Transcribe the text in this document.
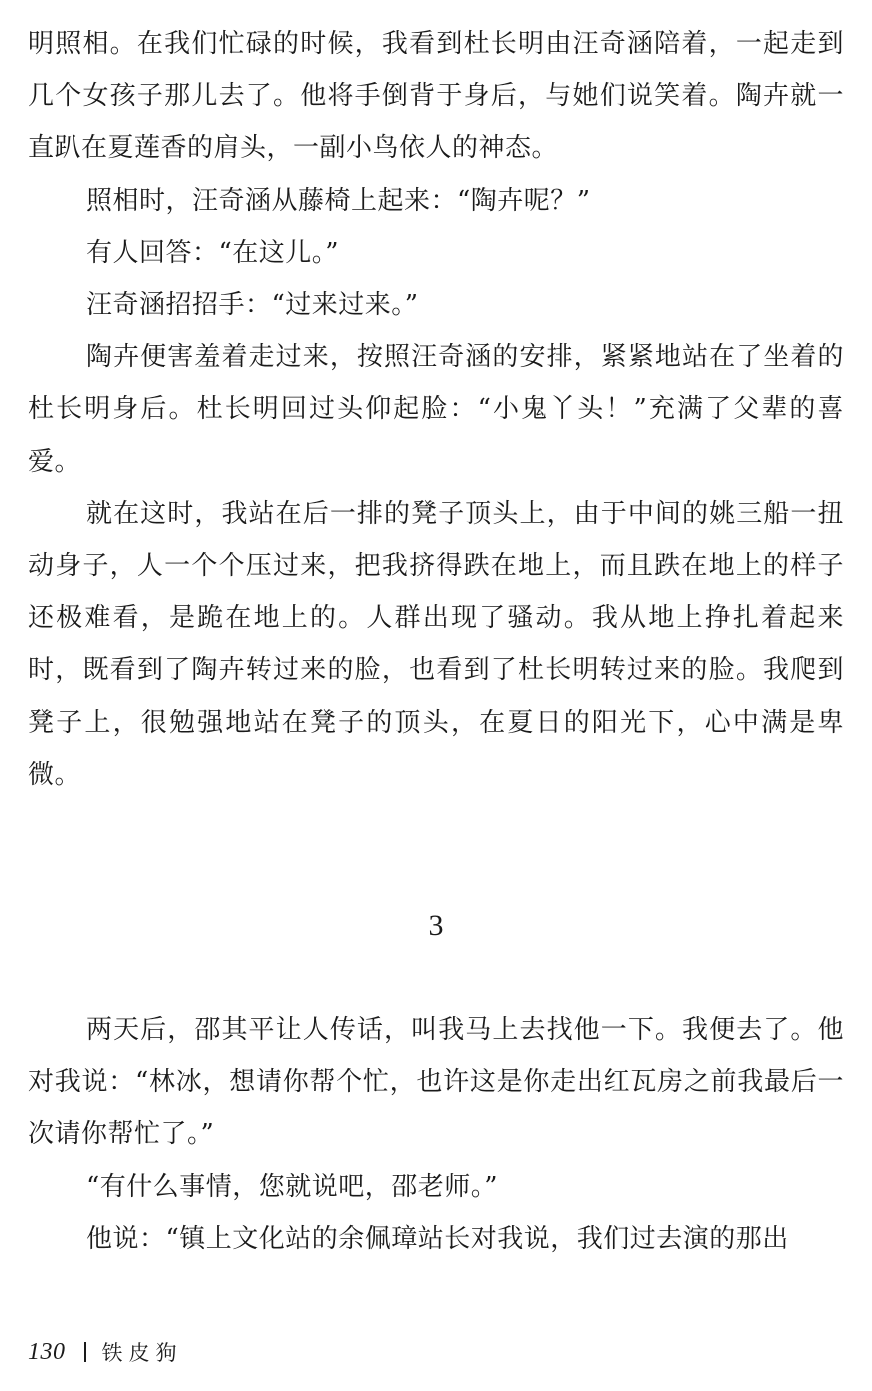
明照相。在我们忙碌的时候，我看到杜长明由汪奇涵陪着，一起走到几个女孩子那儿去了。他将手倒背于身后，与她们说笑着。陶卉就一直趴在夏莲香的肩头，一副小鸟依人的神态。

照相时，汪奇涵从藤椅上起来：“陶卉呢？”

有人回答：“在这儿。”

汪奇涵招招手：“过来过来。”

陶卉便害羞着走过来，按照汪奇涵的安排，紧紧地站在了坐着的杜长明身后。杜长明回过头仰起脸：“小鬼丫头！”充满了父辈的喜爱。

就在这时，我站在后一排的凳子顶头上，由于中间的姚三船一扭动身子，人一个个压过来，把我挤得跌在地上，而且跌在地上的样子还极难看，是跪在地上的。人群出现了骚动。我从地上挣扎着起来时，既看到了陶卉转过来的脸，也看到了杜长明转过来的脸。我爬到凳子上，很勉强地站在凳子的顶头，在夏日的阳光下，心中满是卑微。

3

两天后，邵其平让人传话，叫我马上去找他一下。我便去了。他对我说：“林冰，想请你帮个忙，也许这是你走出红瓦房之前我最后一次请你帮忙了。”

“有什么事情，您就说吧，邵老师。”

他说：“镇上文化站的余佩璋站长对我说，我们过去演的那出

130 铁皮狗
